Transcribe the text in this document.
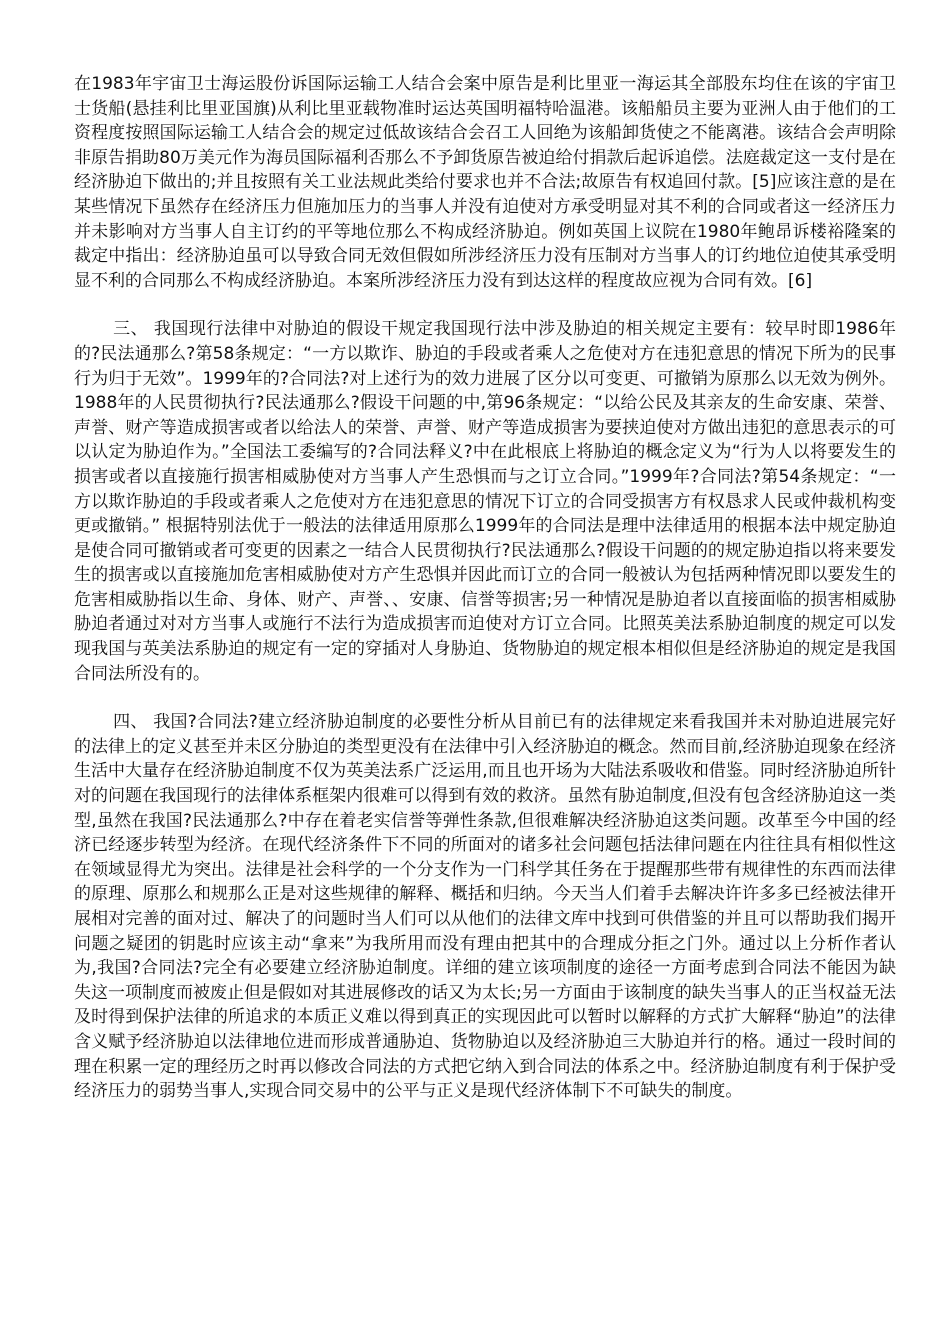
在1983年宇宙卫士海运股份诉国际运输工人结合会案中原告是利比里亚一海运其全部股东均住在该的宇宙卫士货船(悬挂利比里亚国旗)从利比里亚载物准时运达英国明福特哈温港。该船船员主要为亚洲人由于他们的工资程度按照国际运输工人结合会的规定过低故该结合会召工人回绝为该船卸货使之不能离港。该结合会声明除非原告捐助80万美元作为海员国际福利否那么不予卸货原告被迫给付捐款后起诉追偿。法庭裁定这一支付是在经济胁迫下做出的;并且按照有关工业法规此类给付要求也并不合法;故原告有权追回付款。[5]应该注意的是在某些情况下虽然存在经济压力但施加压力的当事人并没有迫使对方承受明显对其不利的合同或者这一经济压力并未影响对方当事人自主订约的平等地位那么不构成经济胁迫。例如英国上议院在1980年鲍昂诉楼裕隆案的裁定中指出：经济胁迫虽可以导致合同无效但假如所涉经济压力没有压制对方当事人的订约地位迫使其承受明显不利的合同那么不构成经济胁迫。本案所涉经济压力没有到达这样的程度故应视为合同有效。[6]

三、 我国现行法律中对胁迫的假设干规定我国现行法中涉及胁迫的相关规定主要有：较早时即1986年的?民法通那么?第58条规定：“一方以欺诈、胁迫的手段或者乘人之危使对方在违犯意思的情况下所为的民事行为归于无效”。1999年的?合同法?对上述行为的效力进展了区分以可变更、可撤销为原那么以无效为例外。1988年的人民贯彻执行?民法通那么?假设干问题的中,第96条规定：“以给公民及其亲友的生命安康、荣誉、声誉、财产等造成损害或者以给法人的荣誉、声誉、财产等造成损害为要挟迫使对方做出违犯的意思表示的可以认定为胁迫作为。”全国法工委编写的?合同法释义?中在此根底上将胁迫的概念定义为“行为人以将要发生的损害或者以直接施行损害相威胁使对方当事人产生恐惧而与之订立合同。”1999年?合同法?第54条规定：“一方以欺诈胁迫的手段或者乘人之危使对方在违犯意思的情况下订立的合同受损害方有权恳求人民或仲裁机构变更或撤销。” 根据特别法优于一般法的法律适用原那么1999年的合同法是理中法律适用的根据本法中规定胁迫是使合同可撤销或者可变更的因素之一结合人民贯彻执行?民法通那么?假设干问题的的规定胁迫指以将来要发生的损害或以直接施加危害相威胁使对方产生恐惧并因此而订立的合同一般被认为包括两种情况即以要发生的危害相威胁指以生命、身体、财产、声誉、、安康、信誉等损害;另一种情况是胁迫者以直接面临的损害相威胁胁迫者通过对对方当事人或施行不法行为造成损害而迫使对方订立合同。比照英美法系胁迫制度的规定可以发现我国与英美法系胁迫的规定有一定的穿插对人身胁迫、货物胁迫的规定根本相似但是经济胁迫的规定是我国合同法所没有的。

四、 我国?合同法?建立经济胁迫制度的必要性分析从目前已有的法律规定来看我国并未对胁迫进展完好的法律上的定义甚至并未区分胁迫的类型更没有在法律中引入经济胁迫的概念。然而目前,经济胁迫现象在经济生活中大量存在经济胁迫制度不仅为英美法系广泛运用,而且也开场为大陆法系吸收和借鉴。同时经济胁迫所针对的问题在我国现行的法律体系框架内很难可以得到有效的救济。虽然有胁迫制度,但没有包含经济胁迫这一类型,虽然在我国?民法通那么?中存在着老实信誉等弹性条款,但很难解决经济胁迫这类问题。改革至今中国的经济已经逐步转型为经济。在现代经济条件下不同的所面对的诸多社会问题包括法律问题在内往往具有相似性这在领域显得尤为突出。法律是社会科学的一个分支作为一门科学其任务在于提醒那些带有规律性的东西而法律的原理、原那么和规那么正是对这些规律的解释、概括和归纳。今天当人们着手去解决许许多多已经被法律开展相对完善的面对过、解决了的问题时当人们可以从他们的法律文库中找到可供借鉴的并且可以帮助我们揭开问题之疑团的钥匙时应该主动“拿来”为我所用而没有理由把其中的合理成分拒之门外。通过以上分析作者认为,我国?合同法?完全有必要建立经济胁迫制度。详细的建立该项制度的途径一方面考虑到合同法不能因为缺失这一项制度而被废止但是假如对其进展修改的话又为太长;另一方面由于该制度的缺失当事人的正当权益无法及时得到保护法律的所追求的本质正义难以得到真正的实现因此可以暂时以解释的方式扩大解释“胁迫”的法律含义赋予经济胁迫以法律地位进而形成普通胁迫、货物胁迫以及经济胁迫三大胁迫并行的格。通过一段时间的理在积累一定的理经历之时再以修改合同法的方式把它纳入到合同法的体系之中。经济胁迫制度有利于保护受经济压力的弱势当事人,实现合同交易中的公平与正义是现代经济体制下不可缺失的制度。
